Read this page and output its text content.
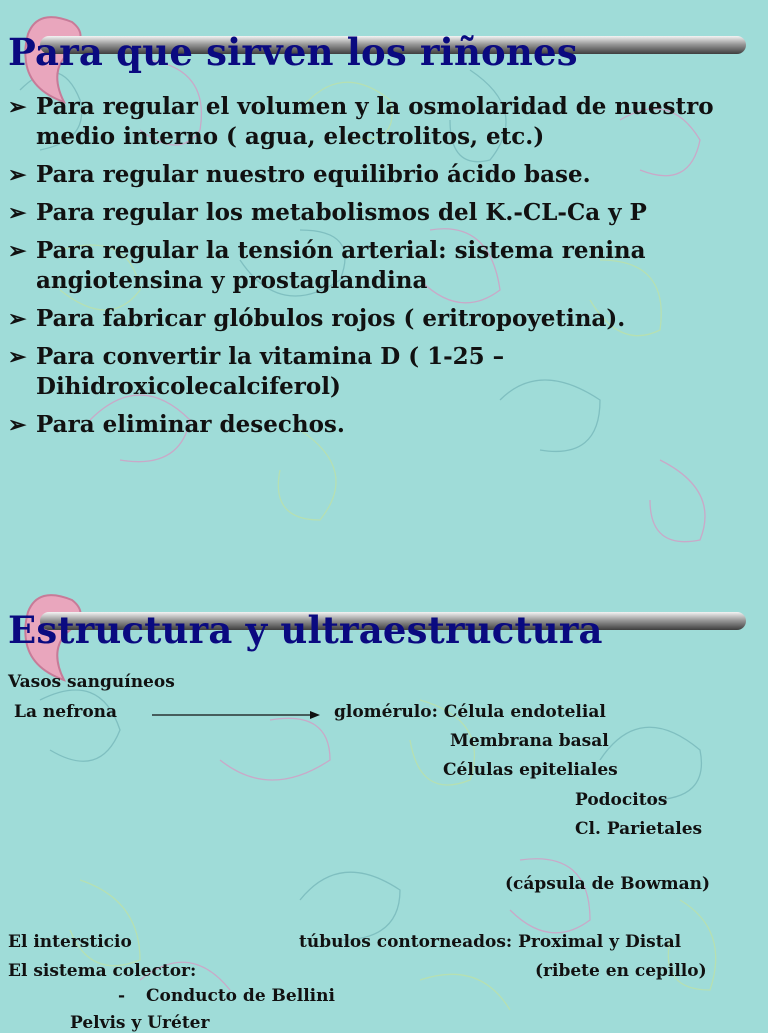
Para que sirven los riñones
➢ Para regular el volumen y la osmolaridad de nuestro medio interno ( agua, electrolitos, etc.)
➢ Para regular nuestro equilibrio ácido base.
➢ Para regular los metabolismos del K.-CL-Ca y P
➢ Para regular la tensión arterial: sistema renina angiotensina y prostaglandina
➢ Para fabricar glóbulos rojos ( eritropoyetina).
➢ Para convertir la vitamina D ( 1-25 – Dihidroxicolecalciferol)
➢ Para eliminar desechos.
Estructura y ultraestructura
Vasos sanguíneos
La nefrona	glomérulo: Célula endotelial
Membrana basal
Células epiteliales
Podocitos
Cl. Parietales
(cápsula de Bowman)
El intersticio	túbulos contorneados: Proximal y Distal
El sistema colector:	(ribete en cepillo)
- Conducto de Bellini
Pelvis y Uréter
